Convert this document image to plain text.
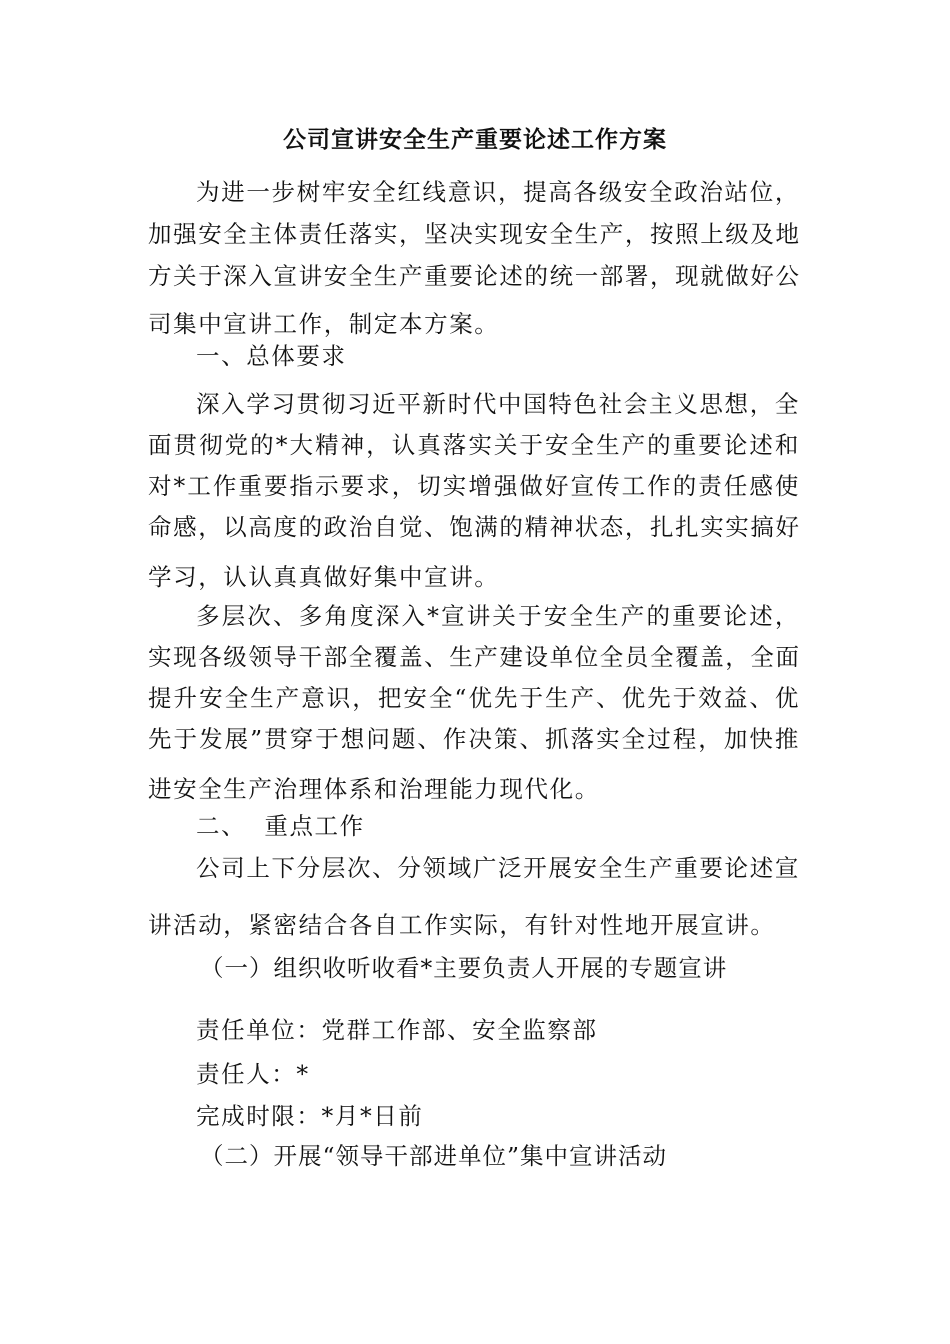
公司宣讲安全生产重要论述工作方案
为进一步树牢安全红线意识，提高各级安全政治站位，
加强安全主体责任落实，坚决实现安全生产，按照上级及地
方关于深入宣讲安全生产重要论述的统一部署，现就做好公
司集中宣讲工作，制定本方案。

一、总体要求

深入学习贯彻习近平新时代中国特色社会主义思想，全
面贯彻党的*大精神，认真落实关于安全生产的重要论述和
对*工作重要指示要求，切实增强做好宣传工作的责任感使
命感，以高度的政治自觉、饱满的精神状态，扎扎实实搞好
学习，认认真真做好集中宣讲。
多层次、多角度深入*宣讲关于安全生产的重要论述，
实现各级领导干部全覆盖、生产建设单位全员全覆盖，全面
提升安全生产意识，把安全“优先于生产、优先于效益、优
先于发展”贯穿于想问题、作决策、抓落实全过程，加快推
进安全生产治理体系和治理能力现代化。

二、  重点工作

公司上下分层次、分领域广泛开展安全生产重要论述宣
讲活动，紧密结合各自工作实际，有针对性地开展宣讲。

（一）组织收听收看*主要负责人开展的专题宣讲

责任单位：党群工作部、安全监察部

责任人：*

完成时限：*月*日前

（二）开展“领导干部进单位”集中宣讲活动
